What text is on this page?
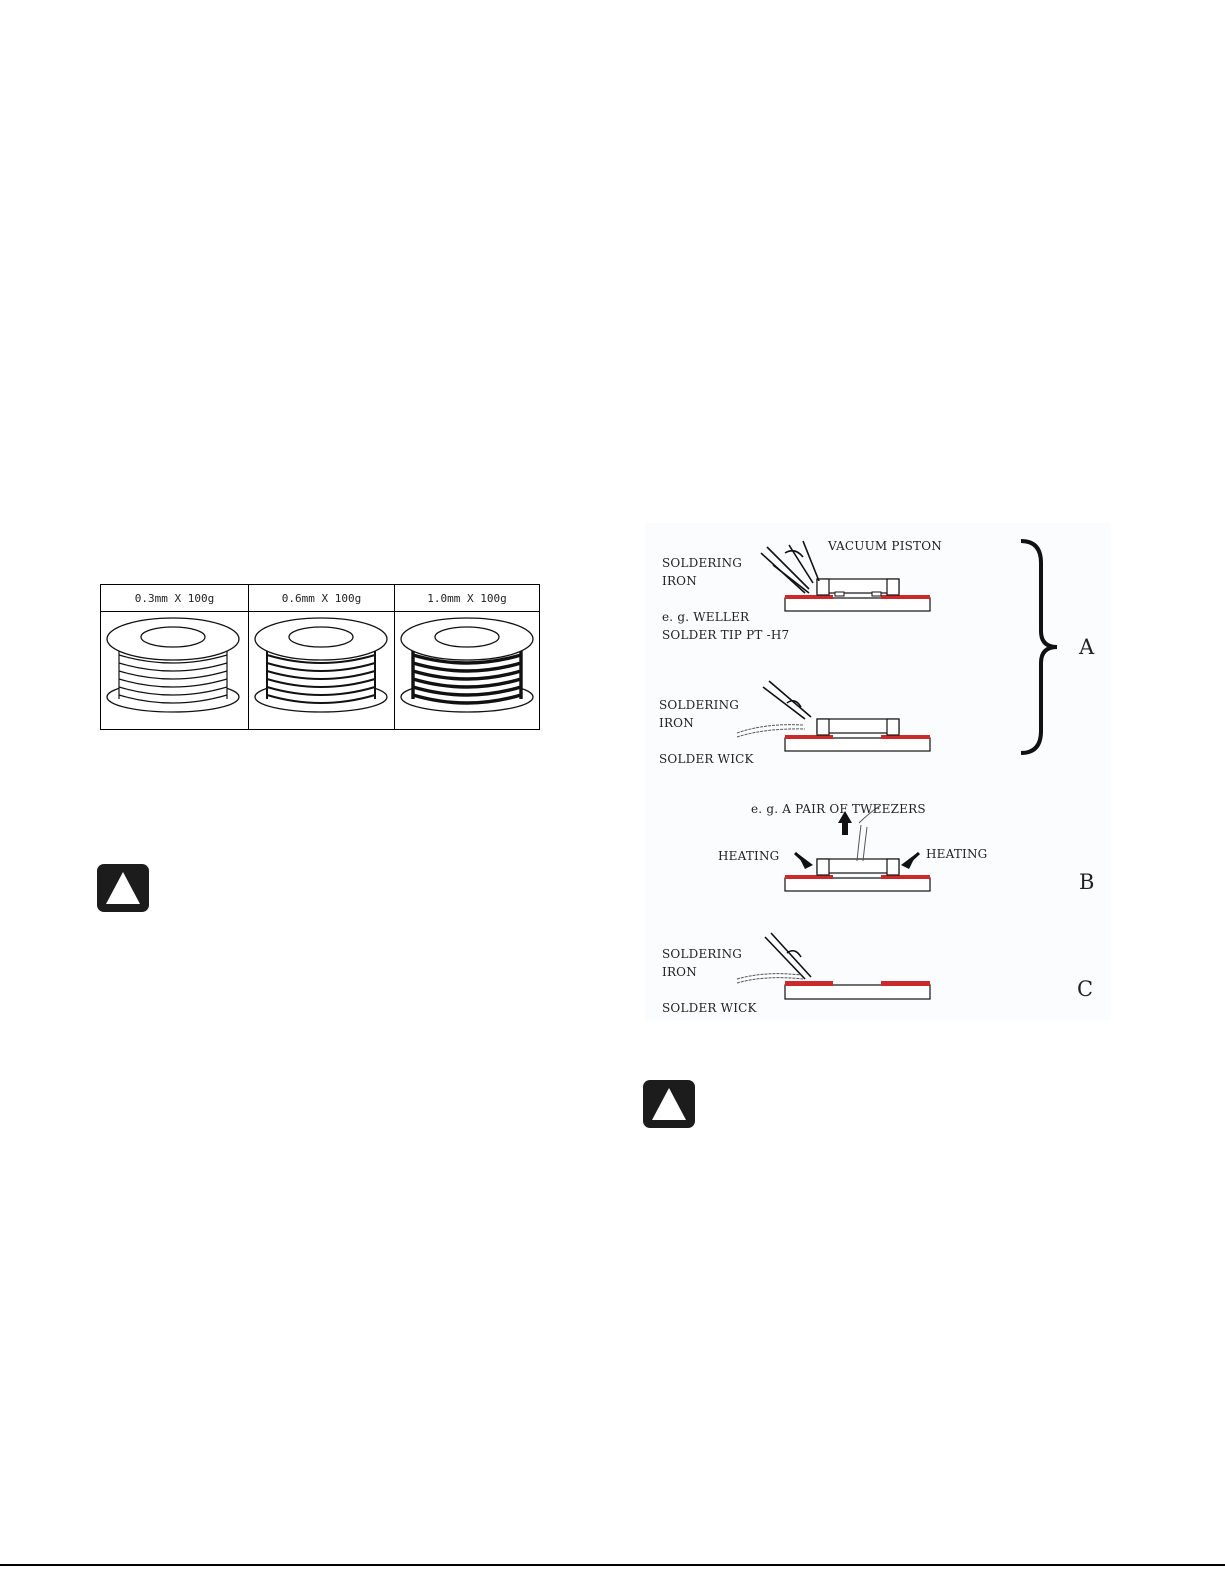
0.3mm X 100g	0.6mm X 100g	1.0mm X 100g
SOLDERING
IRON
VACUUM PISTON
e. g. WELLER
SOLDER TIP PT -H7
SOLDERING
IRON
SOLDER WICK
A
e. g. A PAIR OF TWEEZERS
HEATING	HEATING
B
SOLDERING
IRON
SOLDER WICK
C
